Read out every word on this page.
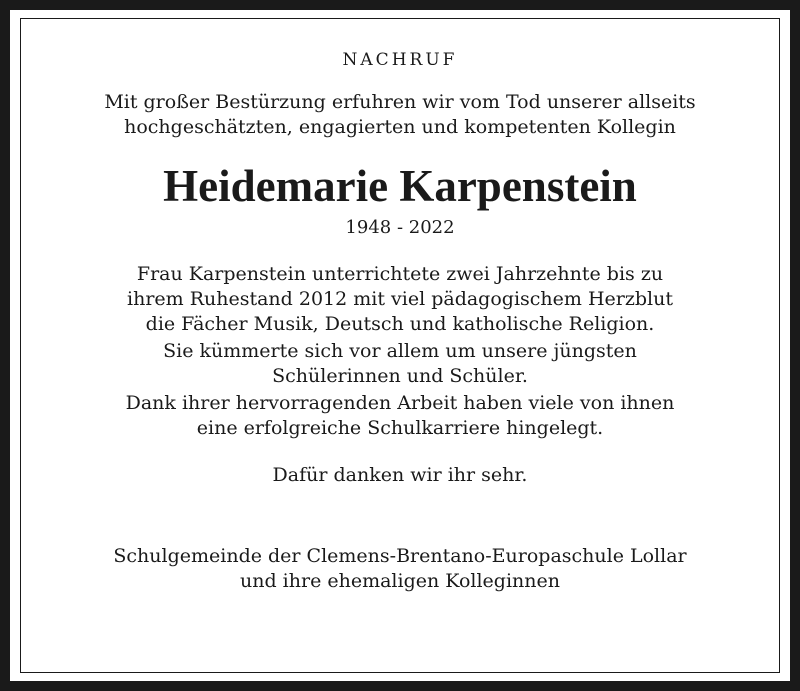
NACHRUF
Mit großer Bestürzung erfuhren wir vom Tod unserer allseits
hochgeschätzten, engagierten und kompetenten Kollegin
Heidemarie Karpenstein
1948 - 2022
Frau Karpenstein unterrichtete zwei Jahrzehnte bis zu
ihrem Ruhestand 2012 mit viel pädagogischem Herzblut
die Fächer Musik, Deutsch und katholische Religion.
Sie kümmerte sich vor allem um unsere jüngsten
Schülerinnen und Schüler.
Dank ihrer hervorragenden Arbeit haben viele von ihnen
eine erfolgreiche Schulkarriere hingelegt.
Dafür danken wir ihr sehr.
Schulgemeinde der Clemens-Brentano-Europaschule Lollar
und ihre ehemaligen Kolleginnen
